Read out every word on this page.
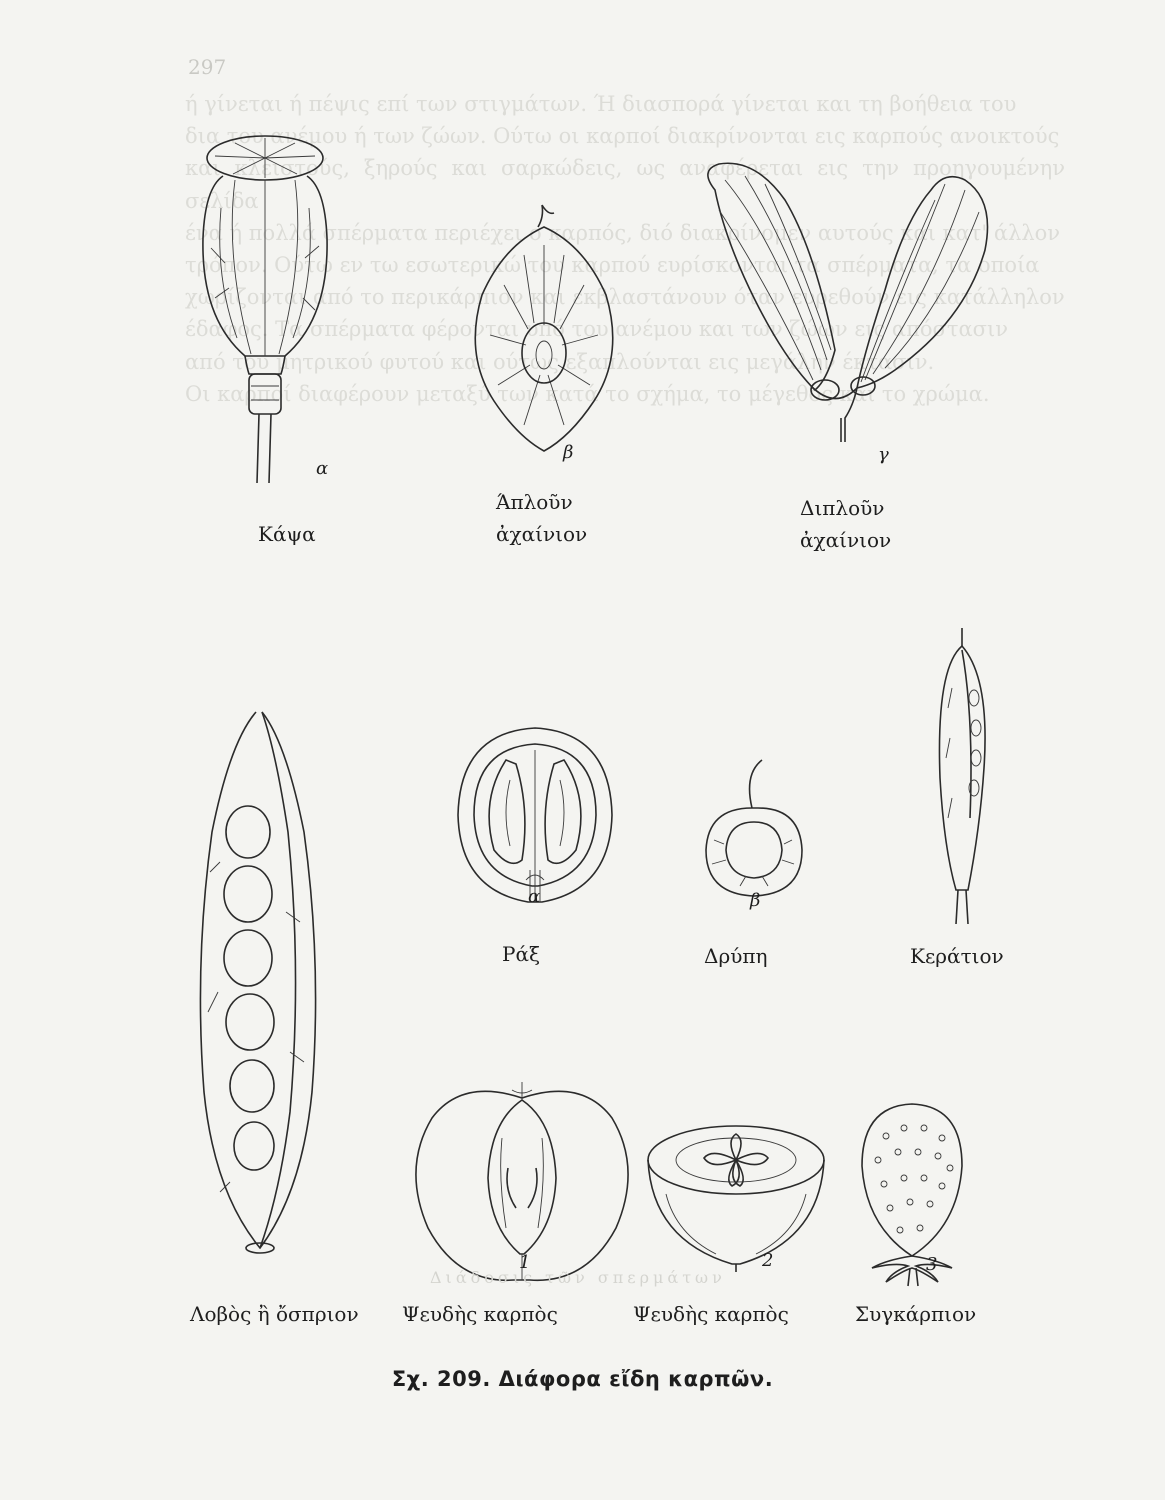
297

ή γίνεται ή πέψις επί των στιγμάτων. Ή διασπορά γίνεται και τη βοήθεια του

δια του ανέμου ή των ζώων. Ούτω οι καρποί διακρίνονται εις καρπούς ανοικτούς

και κλειστούς, ξηρούς και σαρκώδεις, ως αναφέρεται εις την προηγουμένην σελίδα

ένα ή πολλά σπέρματα περιέχει ο καρπός, διό διακρίνομεν αυτούς και κατ' άλλον

τρόπον. Ούτω εν τω εσωτερικώ του καρπού ευρίσκονται τα σπέρματα, τα οποία

χωρίζονται από το περικάρπιον και εκβλαστάνουν όταν ευρεθούν εις κατάλληλον

έδαφος. Τα σπέρματα φέρονται υπό του ανέμου και των ζώων εις απόστασιν

από του μητρικού φυτού και ούτως εξαπλούνται εις μεγάλην έκτασιν.

Οι καρποί διαφέρουν μεταξύ των κατά το σχήμα, το μέγεθος και το χρώμα.

α
Κάψα
β
Άπλοῦν
ἀχαίνιον
γ
Διπλοῦν
ἀχαίνιον
Λοβὸς ἢ ὄσπριον
α
Ράξ
β
Δρύπη	Κεράτιον
1
Ψευδὴς καρπὸς
2
Ψευδὴς καρπὸς
3
Συγκάρπιον
Διάδοσις τῶν σπερμάτων
Σχ. 209. Διάφορα εἴδη καρπῶν.
